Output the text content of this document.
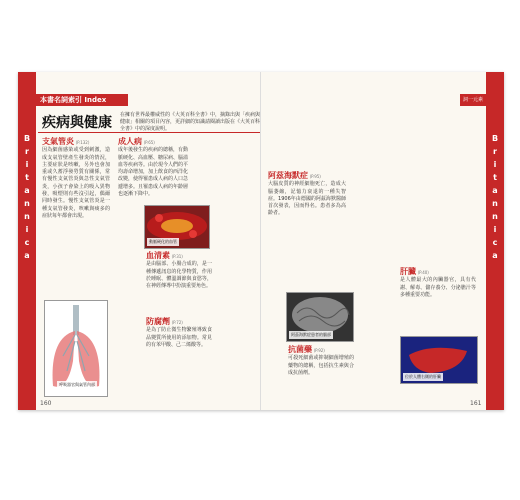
B
r
i
t
a
n
n
i
c
a
B
r
i
t
a
n
n
i
c
a
本書名詞索引 Index	詞一元素
疾病與健康 在擁有世界最權威性的《大英百科全書》中，摘錄出與「疾病與健康」相關的項目內容，更詳細的知識請閱讀出版在《大英百科全書》中的深度說明。
支氣管炎 (P.132)
因為細菌感染或受到刺激，造成支氣管壁產生發炎的情況，主要症狀是咳嗽，另外也會加重或久蓄浮發勞質有關係，常有慢性支氣管炎與急性支氣管炎，小孩子會染上的吸入異物發，吸煙則有些沒引起，偶爾同時發生。慢性支氣管炎是一種支氣管發炎，咳嗽與痰多的症狀每年都會出現。
呼吸器官與氣管內部
成人病 (P.65)
成年後發生的疾病的總稱，有動脈硬化、高血壓、糖尿病、腦溢血等疾病等。由於現今人們的平均壽命增加，加上飲食的西洋化改變，使得罹患成人病的人口急遽增多。且罹患成人病的年齡層也逐漸下降中。
動脈硬化的血管
血清素 (P.31)
是由腦部、小腸合成的，是一種傳遞訊息的化學物質，作用於睡眠、體溫調節與食慾等，在神經傳導中扮演重要角色。
防腐劑 (P.72)
是為了防止微生物繁殖導致食品變質所使用的添加物。常見的有苯甲酸、己二烯酸等。
阿茲海默症 (P.95)
大腦皮質的神經細胞死亡，造成大腦萎縮，記憶力衰退的一種失智症。1906年由德國的阿茲海默醫師首次發表，因而得名。患者多為高齡者。
阿茲海默症患者的腦部
抗菌藥 (P.92)
可殺死細菌或抑制細菌增殖的藥物的總稱，包括抗生素與合成抗菌劑。
肝臟 (P.40)
是人體最大的內臟器官，具有代謝、解毒、儲存養分、分泌膽汁等多種重要功能。
位於人體右側的肝臟
160	161
